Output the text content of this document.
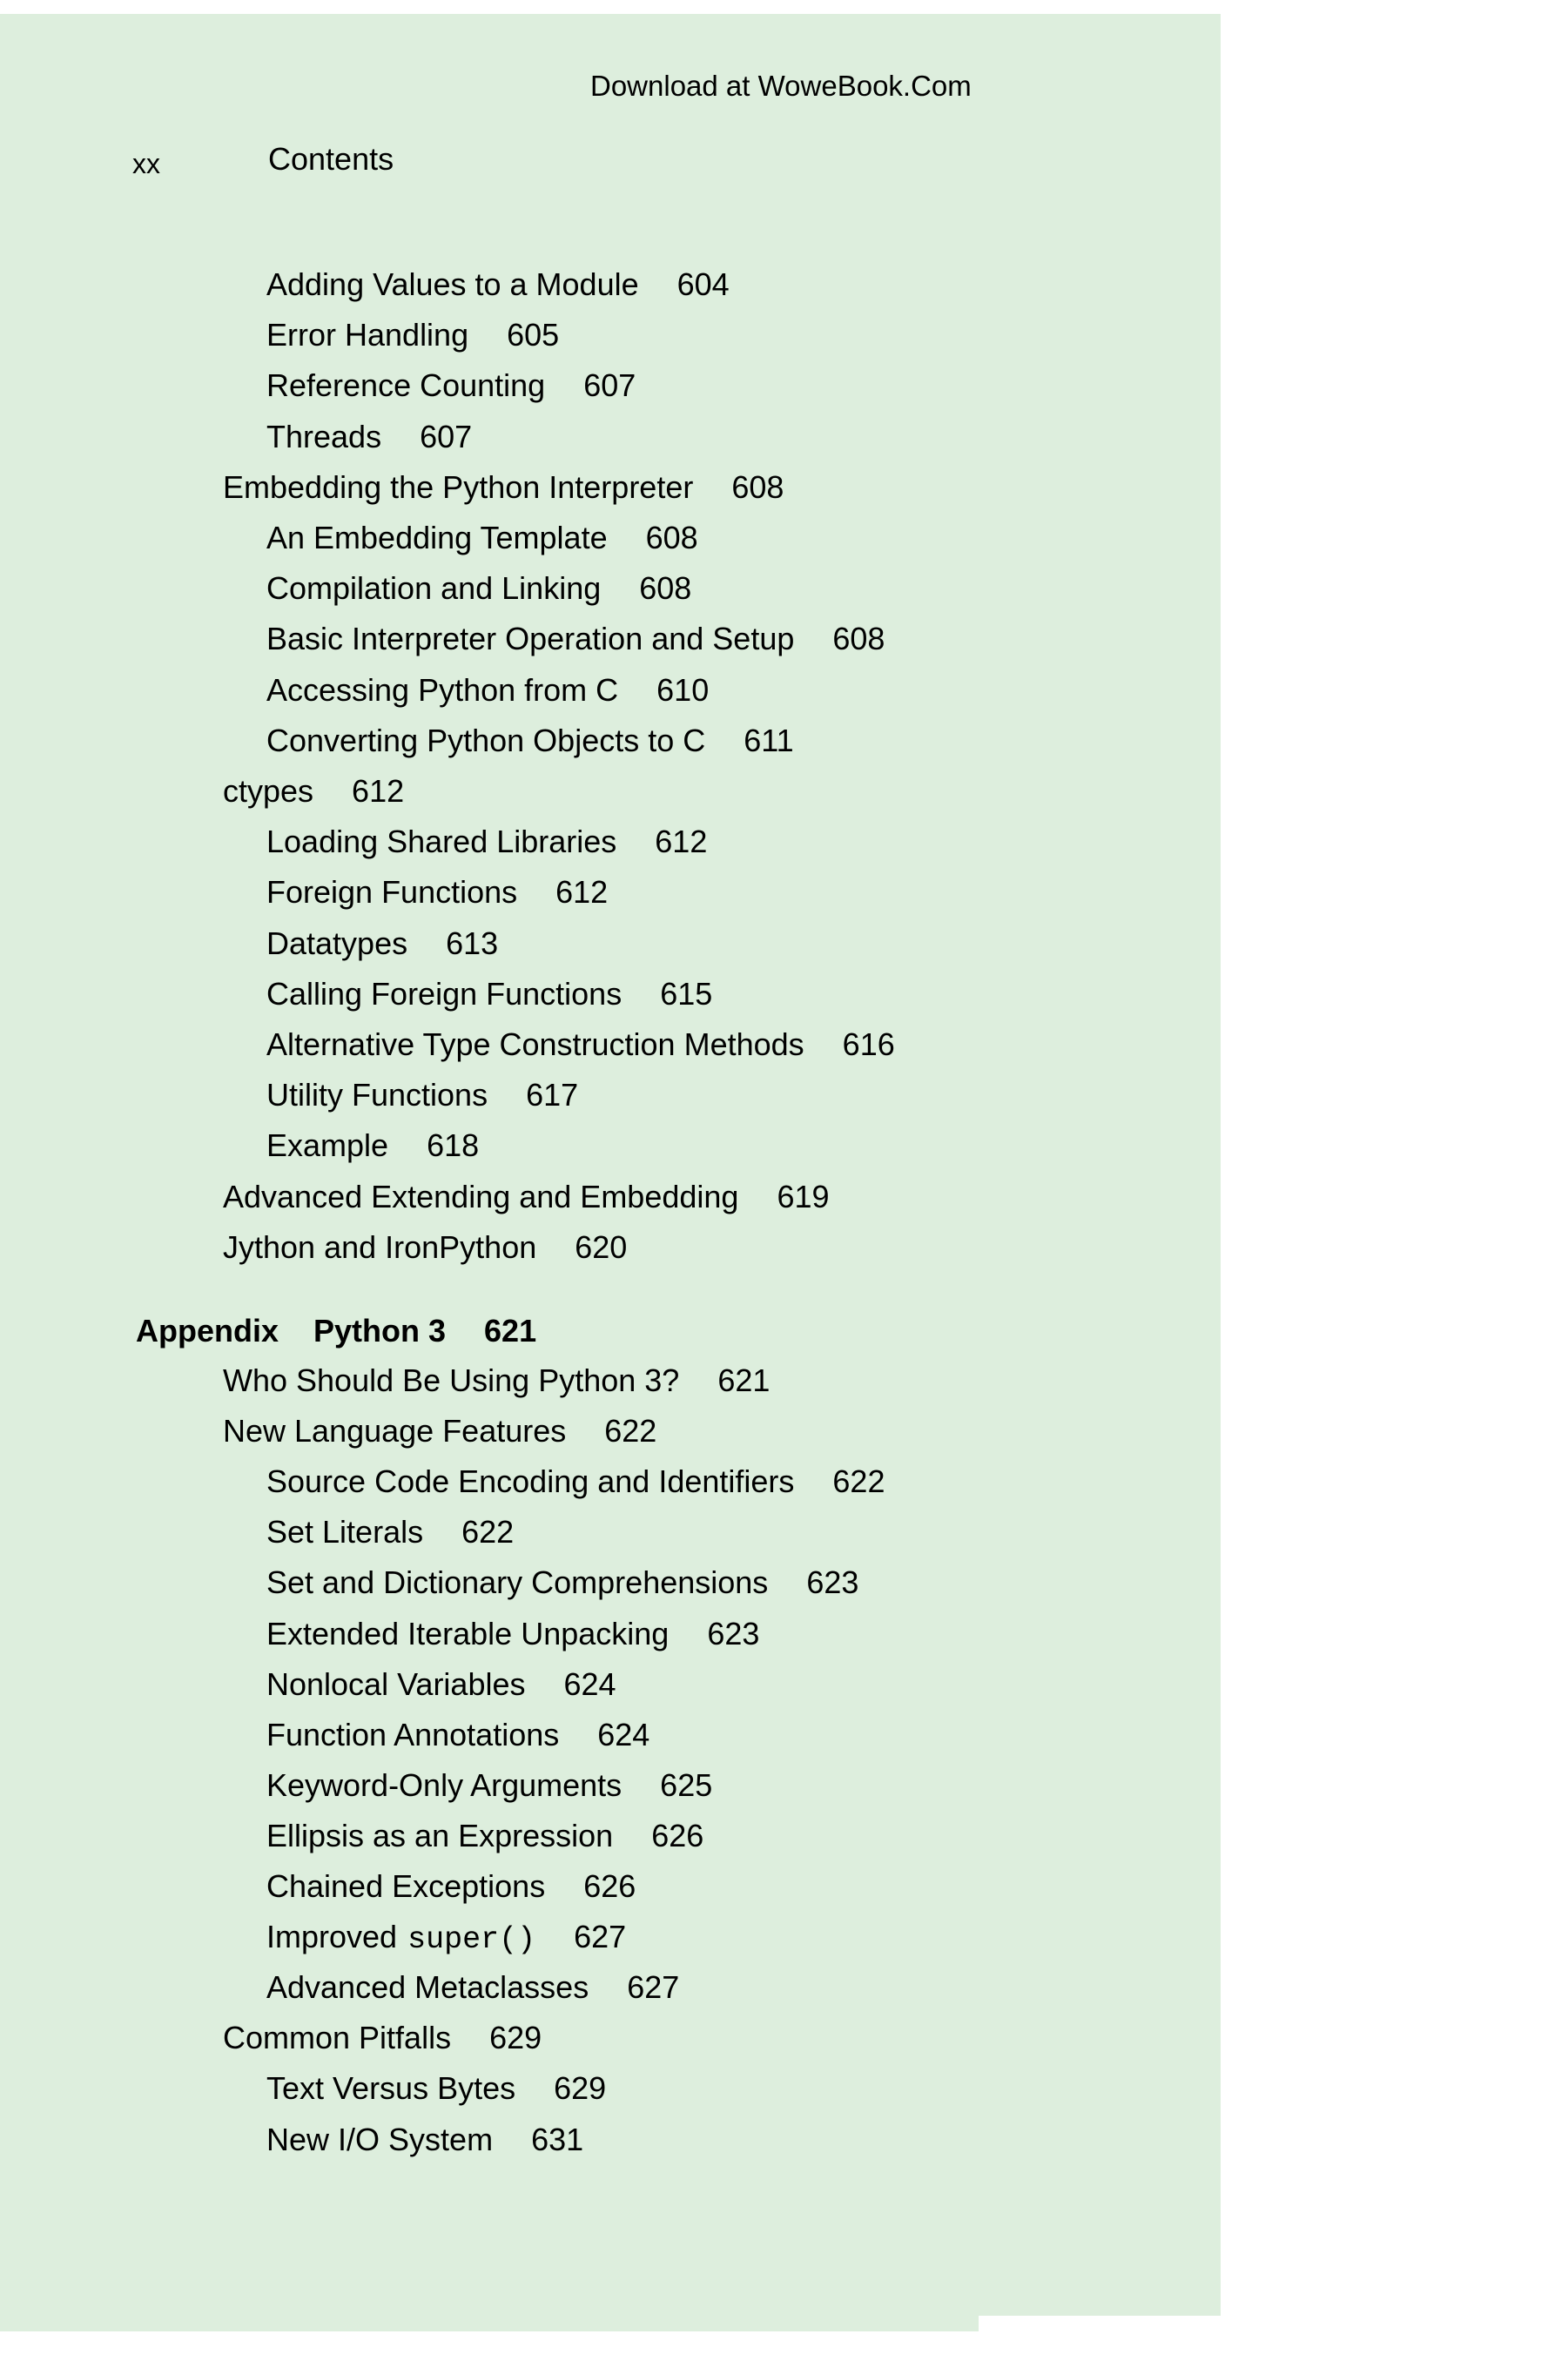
Download at WoweBook.Com
xx	Contents
Adding Values to a Module 604
Error Handling 605
Reference Counting 607
Threads 607
Embedding the Python Interpreter 608
An Embedding Template 608
Compilation and Linking 608
Basic Interpreter Operation and Setup 608
Accessing Python from C 610
Converting Python Objects to C 611
ctypes 612
Loading Shared Libraries 612
Foreign Functions 612
Datatypes 613
Calling Foreign Functions 615
Alternative Type Construction Methods 616
Utility Functions 617
Example 618
Advanced Extending and Embedding 619
Jython and IronPython 620
Appendix Python 3 621
Who Should Be Using Python 3? 621
New Language Features 622
Source Code Encoding and Identifiers 622
Set Literals 622
Set and Dictionary Comprehensions 623
Extended Iterable Unpacking 623
Nonlocal Variables 624
Function Annotations 624
Keyword-Only Arguments 625
Ellipsis as an Expression 626
Chained Exceptions 626
Improved super() 627
Advanced Metaclasses 627
Common Pitfalls 629
Text Versus Bytes 629
New I/O System 631
